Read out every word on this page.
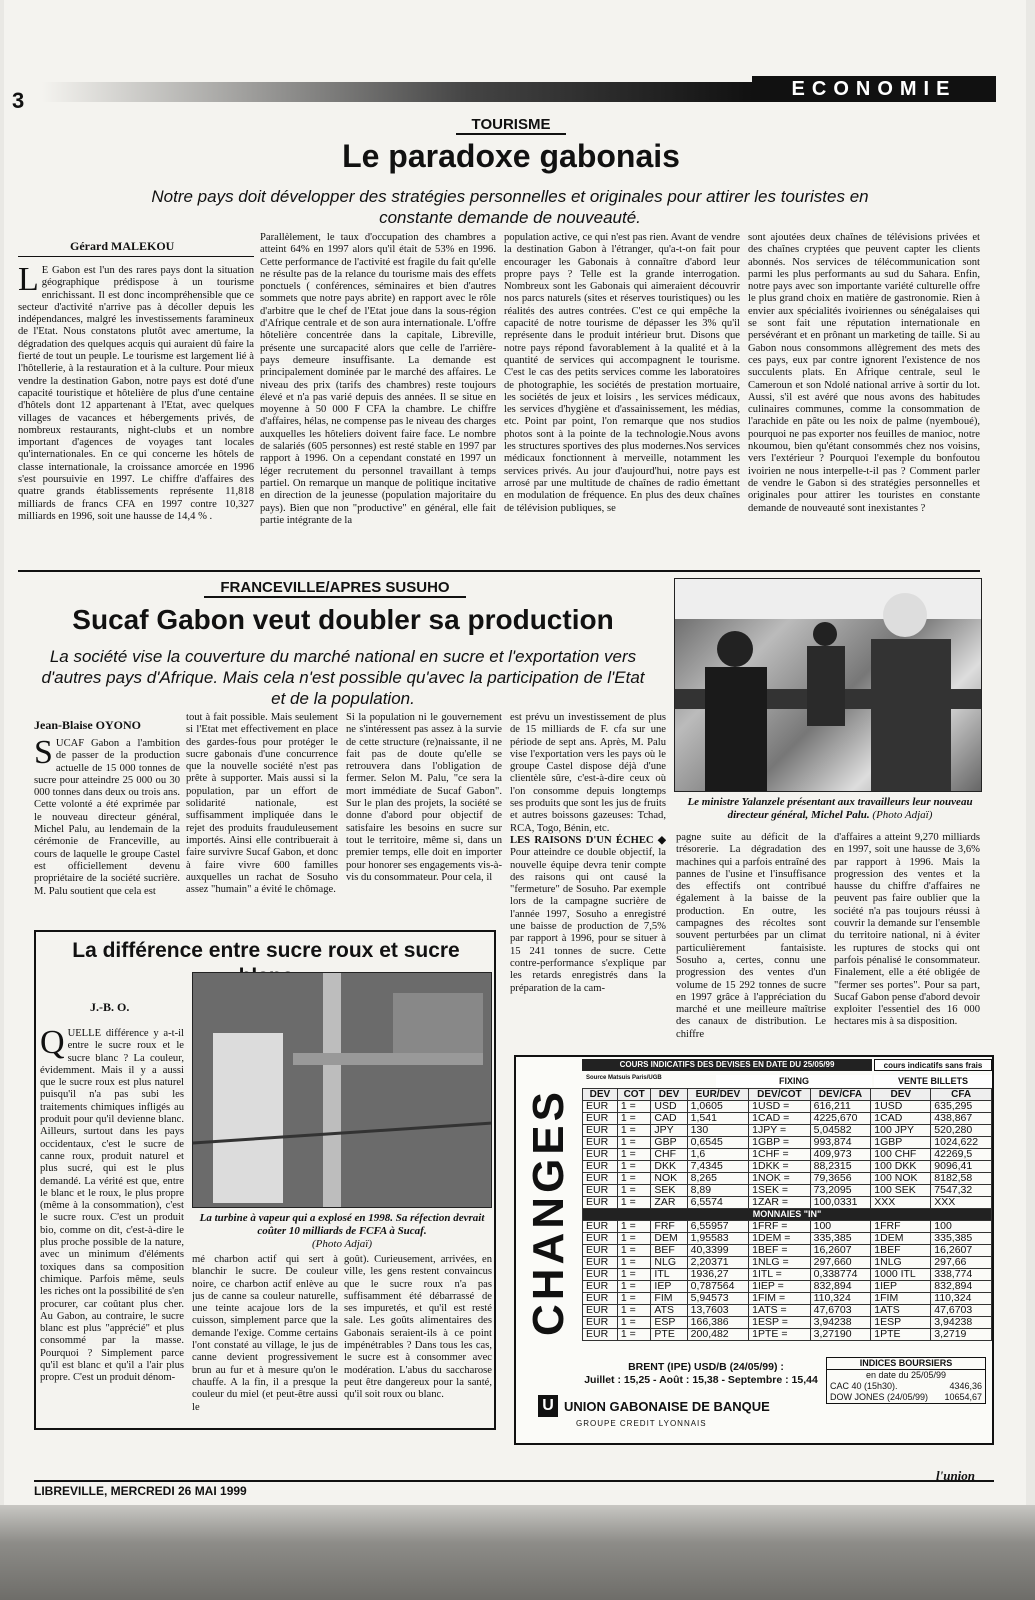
3	ECONOMIE
TOURISME
Le paradoxe gabonais
Notre pays doit développer des stratégies personnelles et originales pour attirer les touristes en constante demande de nouveauté.
Gérard MALEKOU
L E Gabon est l'un des rares pays dont la situation géographique prédispose à un tourisme enrichissant. Il est donc incompréhensible que ce secteur d'activité n'arrive pas à décoller depuis les indépendances, malgré les investissements faramineux de l'Etat. Nous constatons plutôt avec amertume, la dégradation des quelques acquis qui auraient dû faire la fierté de tout un peuple. Le tourisme est largement lié à l'hôtellerie, à la restauration et à la culture. Pour mieux vendre la destination Gabon, notre pays est doté d'une capacité touristique et hôtelière de plus d'une centaine d'hôtels dont 12 appartenant à l'Etat, avec quelques villages de vacances et hébergements privés, de nombreux restaurants, night-clubs et un nombre important d'agences de voyages tant locales qu'internationales. En ce qui concerne les hôtels de classe internationale, la croissance amorcée en 1996 s'est poursuivie en 1997. Le chiffre d'affaires des quatre grands établissements représente 11,818 milliards de francs CFA en 1997 contre 10,327 milliards en 1996, soit une hausse de 14,4 % .
Parallèlement, le taux d'occupation des chambres a atteint 64% en 1997 alors qu'il était de 53% en 1996. Cette performance de l'activité est fragile du fait qu'elle ne résulte pas de la relance du tourisme mais des effets ponctuels ( conférences, séminaires et bien d'autres sommets que notre pays abrite) en rapport avec le rôle d'arbitre que le chef de l'Etat joue dans la sous-région d'Afrique centrale et de son aura internationale. L'offre hôtelière concentrée dans la capitale, Libreville, présente une surcapacité alors que celle de l'arrière-pays demeure insuffisante. La demande est principalement dominée par le marché des affaires. Le niveau des prix (tarifs des chambres) reste toujours élevé et n'a pas varié depuis des années. Il se situe en moyenne à 50 000 F CFA la chambre. Le chiffre d'affaires, hélas, ne compense pas le niveau des charges auxquelles les hôteliers doivent faire face. Le nombre de salariés (605 personnes) est resté stable en 1997 par rapport à 1996. On a cependant constaté en 1997 un léger recrutement du personnel travaillant à temps partiel. On remarque un manque de politique incitative en direction de la jeunesse (population majoritaire du pays). Bien que non "productive" en général, elle fait partie intégrante de la
population active, ce qui n'est pas rien. Avant de vendre la destination Gabon à l'étranger, qu'a-t-on fait pour encourager les Gabonais à connaître d'abord leur propre pays ? Telle est la grande interrogation. Nombreux sont les Gabonais qui aimeraient découvrir nos parcs naturels (sites et réserves touristiques) ou les réalités des autres contrées. C'est ce qui empêche la capacité de notre tourisme de dépasser les 3% qu'il représente dans le produit intérieur brut. Disons que notre pays répond favorablement à la qualité et à la quantité de services qui accompagnent le tourisme. C'est le cas des petits services comme les laboratoires de photographie, les sociétés de prestation mortuaire, les sociétés de jeux et loisirs , les services médicaux, les services d'hygiène et d'assainissement, les médias, etc. Point par point, l'on remarque que nos studios photos sont à la pointe de la technologie.Nous avons les structures sportives des plus modernes.Nos services médicaux fonctionnent à merveille, notamment les services privés. Au jour d'aujourd'hui, notre pays est arrosé par une multitude de chaînes de radio émettant en modulation de fréquence. En plus des deux chaînes de télévision publiques, se
sont ajoutées deux chaînes de télévisions privées et des chaînes cryptées que peuvent capter les clients abonnés. Nos services de télécommunication sont parmi les plus performants au sud du Sahara. Enfin, notre pays avec son importante variété culturelle offre le plus grand choix en matière de gastronomie. Rien à envier aux spécialités ivoiriennes ou sénégalaises qui se sont fait une réputation internationale en persévérant et en prônant un marketing de taille. Si au Gabon nous consommons allègrement des mets des ces pays, eux par contre ignorent l'existence de nos succulents plats. En Afrique centrale, seul le Cameroun et son Ndolé national arrive à sortir du lot. Aussi, s'il est avéré que nous avons des habitudes culinaires communes, comme la consommation de l'arachide en pâte ou les noix de palme (nyemboué), pourquoi ne pas exporter nos feuilles de manioc, notre nkoumou, bien qu'étant consommés chez nos voisins, vers l'extérieur ? Pourquoi l'exemple du bonfoutou ivoirien ne nous interpelle-t-il pas ? Comment parler de vendre le Gabon si des stratégies personnelles et originales pour attirer les touristes en constante demande de nouveauté sont inexistantes ?
FRANCEVILLE/APRES SUSUHO
Sucaf Gabon veut doubler sa production
La société vise la couverture du marché national en sucre et l'exportation vers d'autres pays d'Afrique. Mais cela n'est possible qu'avec la participation de l'Etat et de la population.
Le ministre Yalanzele présentant aux travailleurs leur nouveau directeur général, Michel Palu. (Photo Adjaï)
Jean-Blaise OYONO
SUCAF Gabon a l'ambition de passer de la production actuelle de 15 000 tonnes de sucre pour atteindre 25 000 ou 30 000 tonnes dans deux ou trois ans. Cette volonté a été exprimée par le nouveau directeur général, Michel Palu, au lendemain de la cérémonie de Franceville, au cours de laquelle le groupe Castel est officiellement devenu propriétaire de la société sucrière. M. Palu soutient que cela est
tout à fait possible. Mais seulement si l'Etat met effectivement en place des gardes-fous pour protéger le sucre gabonais d'une concurrence que la nouvelle société n'est pas prête à supporter. Mais aussi si la population, par un effort de solidarité nationale, est suffisamment impliquée dans le rejet des produits frauduleusement importés. Ainsi elle contribuerait à faire survivre Sucaf Gabon, et donc à faire vivre 600 familles auxquelles un rachat de Sosuho assez "humain" a évité le chômage.
Si la population ni le gouvernement ne s'intéressent pas assez à la survie de cette structure (re)naissante, il ne fait pas de doute qu'elle se retrouvera dans l'obligation de fermer. Selon M. Palu, "ce sera la mort immédiate de Sucaf Gabon". Sur le plan des projets, la société se donne d'abord pour objectif de satisfaire les besoins en sucre sur tout le territoire, même si, dans un premier temps, elle doit en importer pour honorer ses engagements vis-à-vis du consommateur. Pour cela, il
est prévu un investissement de plus de 15 milliards de F. cfa sur une période de sept ans. Après, M. Palu vise l'exportation vers les pays où le groupe Castel dispose déjà d'une clientèle sûre, c'est-à-dire ceux où l'on consomme depuis longtemps ses produits que sont les jus de fruits et autres boissons gazeuses: Tchad, RCA, Togo, Bénin, etc.
LES RAISONS D'UN ÉCHEC ◆ Pour atteindre ce double objectif, la nouvelle équipe devra tenir compte des raisons qui ont causé la "fermeture" de Sosuho. Par exemple lors de la campagne sucrière de l'année 1997, Sosuho a enregistré une baisse de production de 7,5% par rapport à 1996, pour se situer à 15 241 tonnes de sucre. Cette contre-performance s'explique par les retards enregistrés dans la préparation de la cam-
pagne suite au déficit de la trésorerie. La dégradation des machines qui a parfois entraîné des pannes de l'usine et l'insuffisance des effectifs ont contribué également à la baisse de la production. En outre, les campagnes des récoltes sont souvent perturbées par un climat particulièrement fantaisiste. Sosuho a, certes, connu une progression des ventes d'un volume de 15 292 tonnes de sucre en 1997 grâce à l'appréciation du marché et une meilleure maîtrise des canaux de distribution. Le chiffre
d'affaires a atteint 9,270 milliards en 1997, soit une hausse de 3,6% par rapport à 1996. Mais la progression des ventes et la hausse du chiffre d'affaires ne peuvent pas faire oublier que la société n'a pas toujours réussi à couvrir la demande sur l'ensemble du territoire national, ni à éviter les ruptures de stocks qui ont parfois pénalisé le consommateur. Finalement, elle a été obligée de "fermer ses portes". Pour sa part, Sucaf Gabon pense d'abord devoir exploiter l'essentiel des 16 000 hectares mis à sa disposition.
La différence entre sucre roux et sucre
J.-B. O.
QUELLE différence y a-t-il entre le sucre roux et le sucre blanc ? La couleur, évidemment. Mais il y a aussi que le sucre roux est plus naturel puisqu'il n'a pas subi les traitements chimiques infligés au produit pour qu'il devienne blanc. Ailleurs, surtout dans les pays occidentaux, c'est le sucre de canne roux, produit naturel et plus sucré, qui est le plus demandé. La vérité est que, entre le blanc et le roux, le plus propre (même à la consommation), c'est le sucre roux. C'est un produit bio, comme on dit, c'est-à-dire le plus proche possible de la nature, avec un minimum d'éléments toxiques dans sa composition chimique. Parfois même, seuls les riches ont la possibilité de s'en procurer, car coûtant plus cher. Au Gabon, au contraire, le sucre blanc est plus "apprécié" et plus consommé par la masse. Pourquoi ? Simplement parce qu'il est blanc et qu'il a l'air plus propre. C'est un produit dénom-
La turbine à vapeur qui a explosé en 1998. Sa réfection devrait coûter 10 milliards de FCFA à Sucaf.
(Photo Adjaï)
mé charbon actif qui sert à blanchir le sucre. De couleur noire, ce charbon actif enlève au jus de canne sa couleur naturelle, une teinte acajoue lors de la cuisson, simplement parce que la demande l'exige. Comme certains l'ont constaté au village, le jus de canne devient progressivement brun au fur et à mesure qu'on le chauffe. A la fin, il a presque la couleur du miel (et peut-être aussi le
goût). Curieusement, arrivées, en ville, les gens restent convaincus que le sucre roux n'a pas suffisamment été débarrassé de ses impuretés, et qu'il est resté sale. Les goûts alimentaires des Gabonais seraient-ils à ce point impénétrables ? Dans tous les cas, le sucre est à consommer avec modération. L'abus du saccharose peut être dangereux pour la santé, qu'il soit roux ou blanc.
CHANGES
COURS INDICATIFS DES DEVISES EN DATE DU 25/05/99	cours indicatifs sans frais
Source Matsuis Paris/UGB	FIXING	VENTE BILLETS
DEV	COT	DEV	EUR/DEV	DEV/COT	DEV/CFA	DEV	CFA
EUR	1 =	USD	1,0605	1USD =	616,211	1USD	635,295
EUR	1 =	CAD	1,541	1CAD =	4225,670	1CAD	438,867
EUR	1 =	JPY	130	1JPY =	5,04582	100 JPY	520,280
EUR	1 =	GBP	0,6545	1GBP =	993,874	1GBP	1024,622
EUR	1 =	CHF	1,6	1CHF =	409,973	100 CHF	42269,5
EUR	1 =	DKK	7,4345	1DKK =	88,2315	100 DKK	9096,41
EUR	1 =	NOK	8,265	1NOK =	79,3656	100 NOK	8182,58
EUR	1 =	SEK	8,89	1SEK =	73,2095	100 SEK	7547,32
EUR	1 =	ZAR	6,5574	1ZAR =	100,0331	XXX	XXX
MONNAIES "IN"							
EUR	1 =	FRF	6,55957	1FRF =	100	1FRF	100
EUR	1 =	DEM	1,95583	1DEM =	335,385	1DEM	335,385
EUR	1 =	BEF	40,3399	1BEF =	16,2607	1BEF	16,2607
EUR	1 =	NLG	2,20371	1NLG =	297,660	1NLG	297,66
EUR	1 =	ITL	1936,27	1ITL =	0,338774	1000 ITL	338,774
EUR	1 =	IEP	0,787564	1IEP =	832,894	1IEP	832,894
EUR	1 =	FIM	5,94573	1FIM =	110,324	1FIM	110,324
EUR	1 =	ATS	13,7603	1ATS =	47,6703	1ATS	47,6703
EUR	1 =	ESP	166,386	1ESP =	3,94238	1ESP	3,94238
EUR	1 =	PTE	200,482	1PTE =	3,27190	1PTE	3,2719
BRENT (IPE) USD/B (24/05/99) :
Juillet : 15,25 - Août : 15,38 - Septembre : 15,44
INDICES BOURSIERS
en date du 25/05/99
CAC 40 (15h30).	4346,36
DOW JONES (24/05/99) 10654,67
U UNION GABONAISE DE BANQUE
GROUPE CREDIT LYONNAIS
LIBREVILLE, MERCREDI 26 MAI 1999
l'union
